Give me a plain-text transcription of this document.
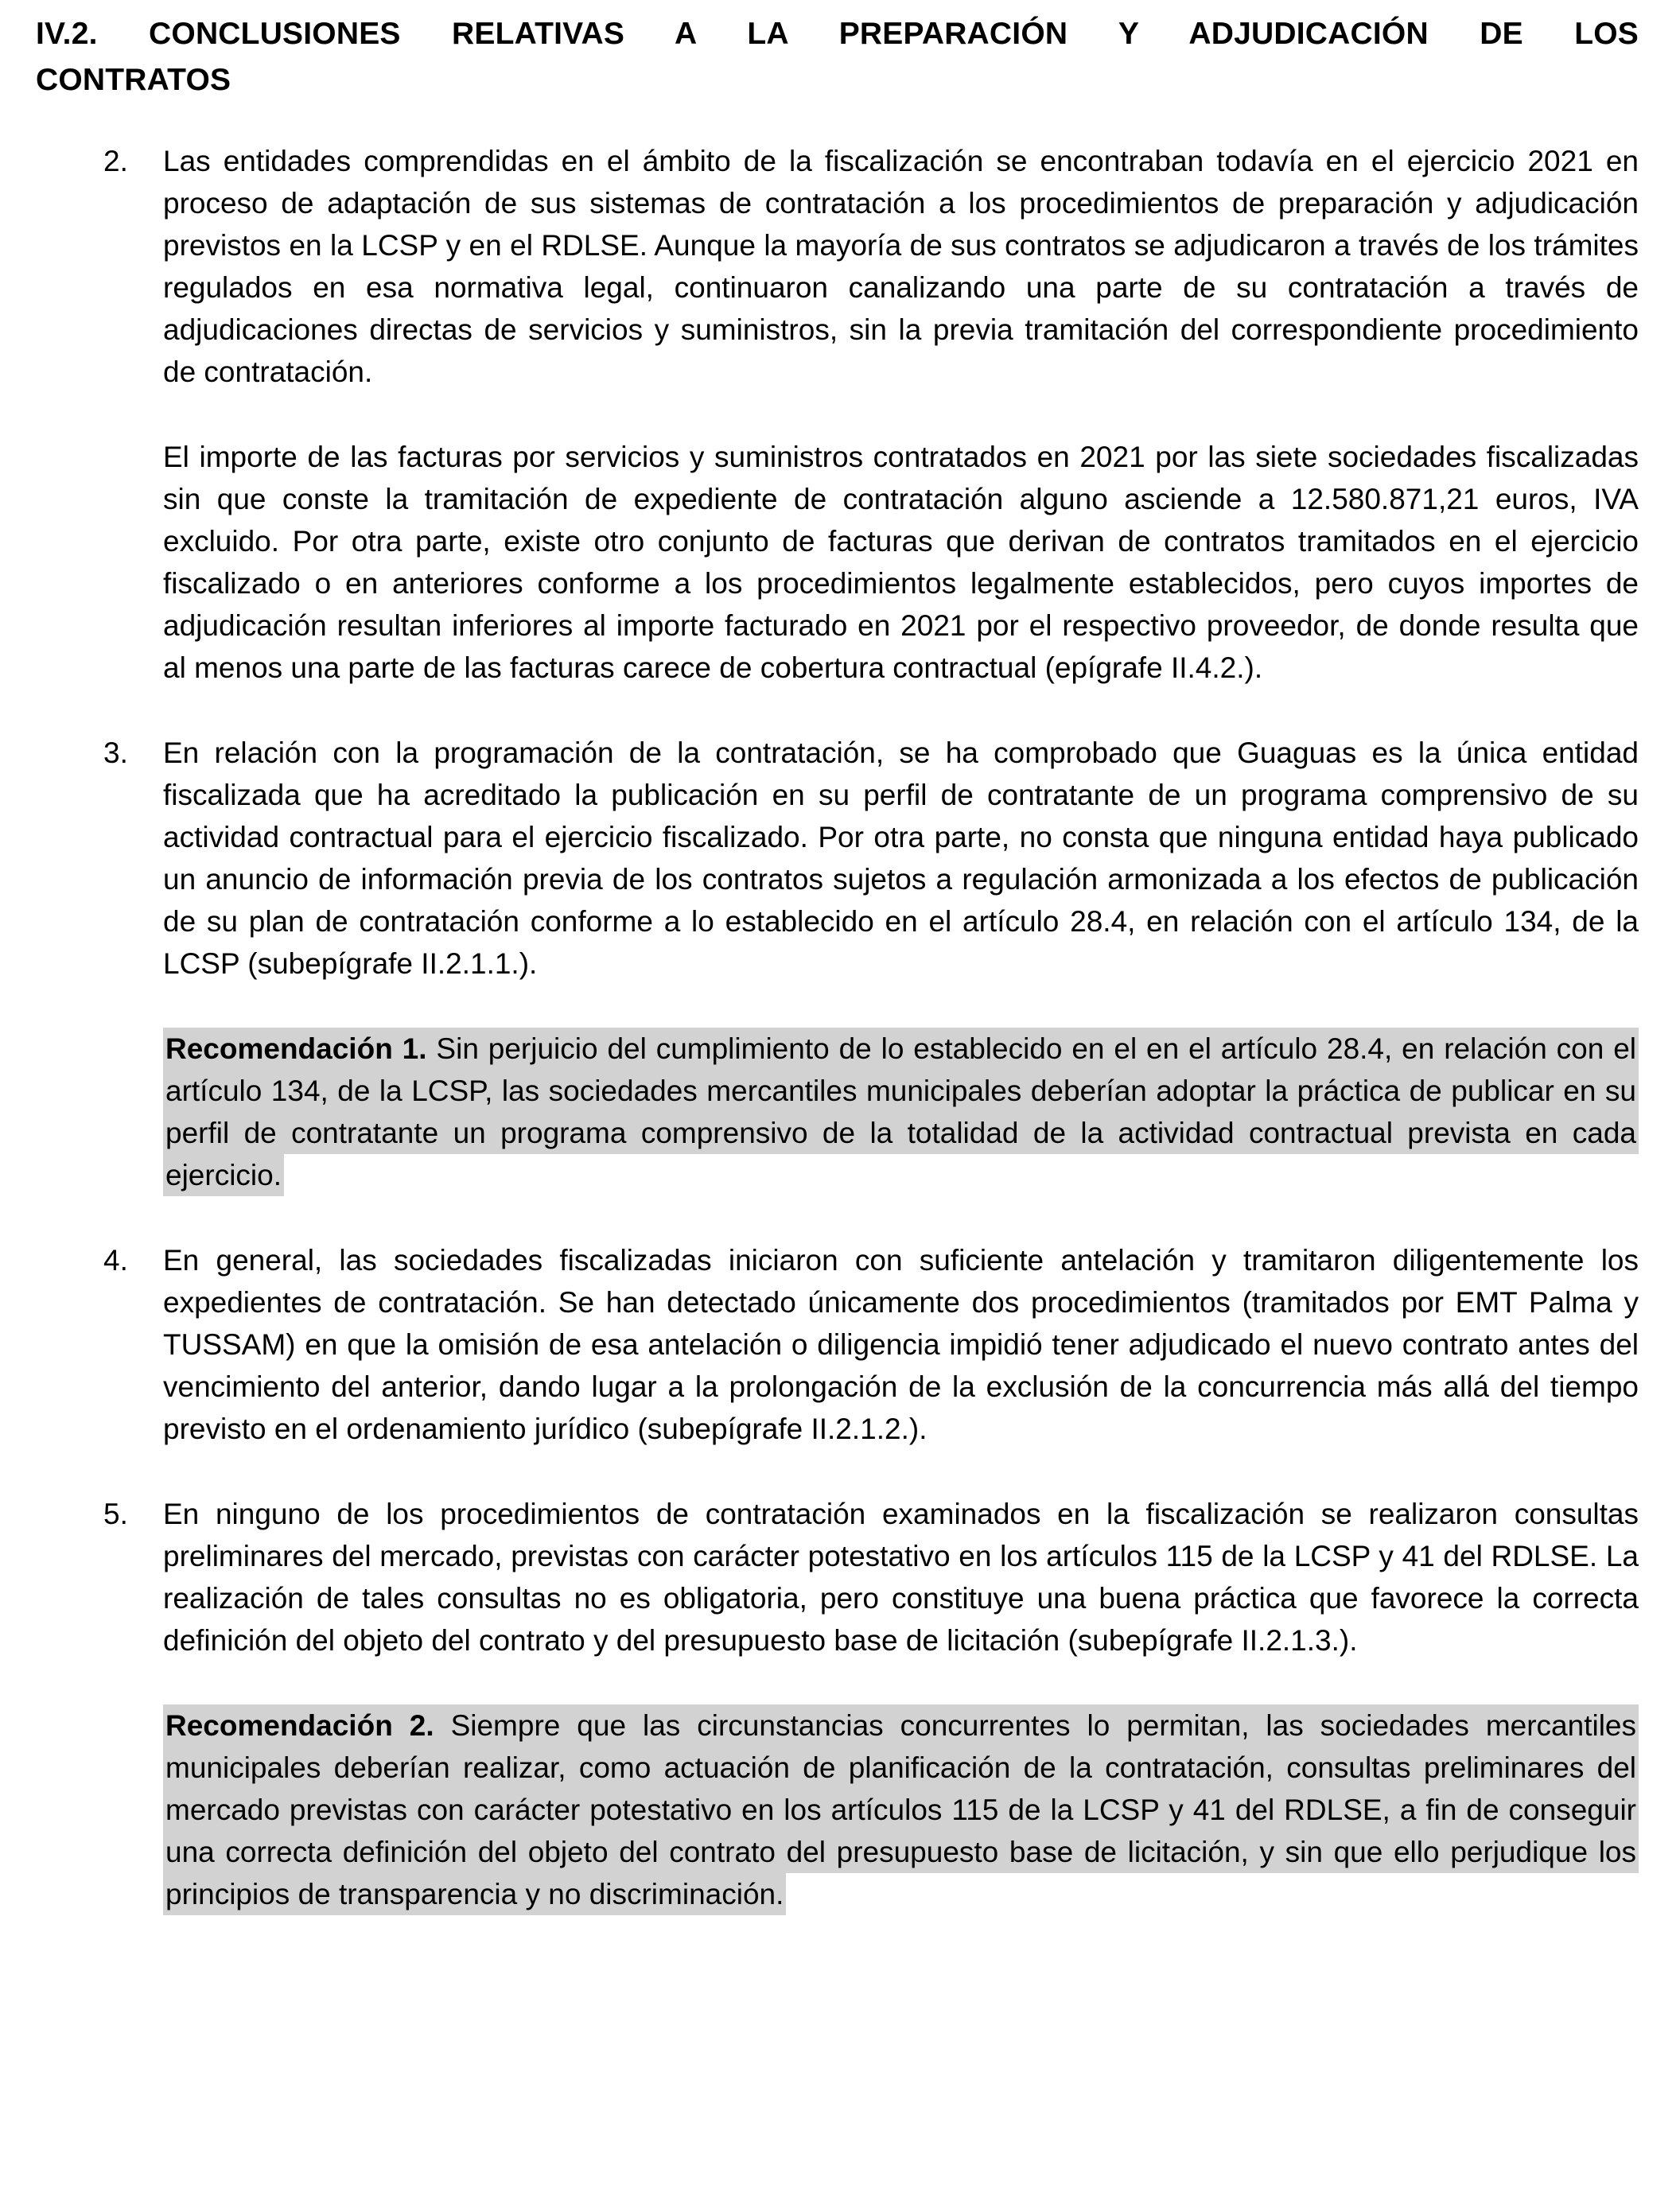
IV.2. CONCLUSIONES RELATIVAS A LA PREPARACIÓN Y ADJUDICACIÓN DE LOS
CONTRATOS
2.	Las entidades comprendidas en el ámbito de la fiscalización se encontraban todavía en el ejercicio 2021 en proceso de adaptación de sus sistemas de contratación a los procedimientos de preparación y adjudicación previstos en la LCSP y en el RDLSE. Aunque la mayoría de sus contratos se adjudicaron a través de los trámites regulados en esa normativa legal, continuaron canalizando una parte de su contratación a través de adjudicaciones directas de servicios y suministros, sin la previa tramitación del correspondiente procedimiento de contratación.

El importe de las facturas por servicios y suministros contratados en 2021 por las siete sociedades fiscalizadas sin que conste la tramitación de expediente de contratación alguno asciende a 12.580.871,21 euros, IVA excluido. Por otra parte, existe otro conjunto de facturas que derivan de contratos tramitados en el ejercicio fiscalizado o en anteriores conforme a los procedimientos legalmente establecidos, pero cuyos importes de adjudicación resultan inferiores al importe facturado en 2021 por el respectivo proveedor, de donde resulta que al menos una parte de las facturas carece de cobertura contractual (epígrafe II.4.2.).

3.	En relación con la programación de la contratación, se ha comprobado que Guaguas es la única entidad fiscalizada que ha acreditado la publicación en su perfil de contratante de un programa comprensivo de su actividad contractual para el ejercicio fiscalizado. Por otra parte, no consta que ninguna entidad haya publicado un anuncio de información previa de los contratos sujetos a regulación armonizada a los efectos de publicación de su plan de contratación conforme a lo establecido en el artículo 28.4, en relación con el artículo 134, de la LCSP (subepígrafe II.2.1.1.).

Recomendación 1. Sin perjuicio del cumplimiento de lo establecido en el en el artículo 28.4, en relación con el artículo 134, de la LCSP, las sociedades mercantiles municipales deberían adoptar la práctica de publicar en su perfil de contratante un programa comprensivo de la totalidad de la actividad contractual prevista en cada ejercicio.

4.	En general, las sociedades fiscalizadas iniciaron con suficiente antelación y tramitaron diligentemente los expedientes de contratación. Se han detectado únicamente dos procedimientos (tramitados por EMT Palma y TUSSAM) en que la omisión de esa antelación o diligencia impidió tener adjudicado el nuevo contrato antes del vencimiento del anterior, dando lugar a la prolongación de la exclusión de la concurrencia más allá del tiempo previsto en el ordenamiento jurídico (subepígrafe II.2.1.2.).

5.	En ninguno de los procedimientos de contratación examinados en la fiscalización se realizaron consultas preliminares del mercado, previstas con carácter potestativo en los artículos 115 de la LCSP y 41 del RDLSE. La realización de tales consultas no es obligatoria, pero constituye una buena práctica que favorece la correcta definición del objeto del contrato y del presupuesto base de licitación (subepígrafe II.2.1.3.).

Recomendación 2. Siempre que las circunstancias concurrentes lo permitan, las sociedades mercantiles municipales deberían realizar, como actuación de planificación de la contratación, consultas preliminares del mercado previstas con carácter potestativo en los artículos 115 de la LCSP y 41 del RDLSE, a fin de conseguir una correcta definición del objeto del contrato del presupuesto base de licitación, y sin que ello perjudique los principios de transparencia y no discriminación.
